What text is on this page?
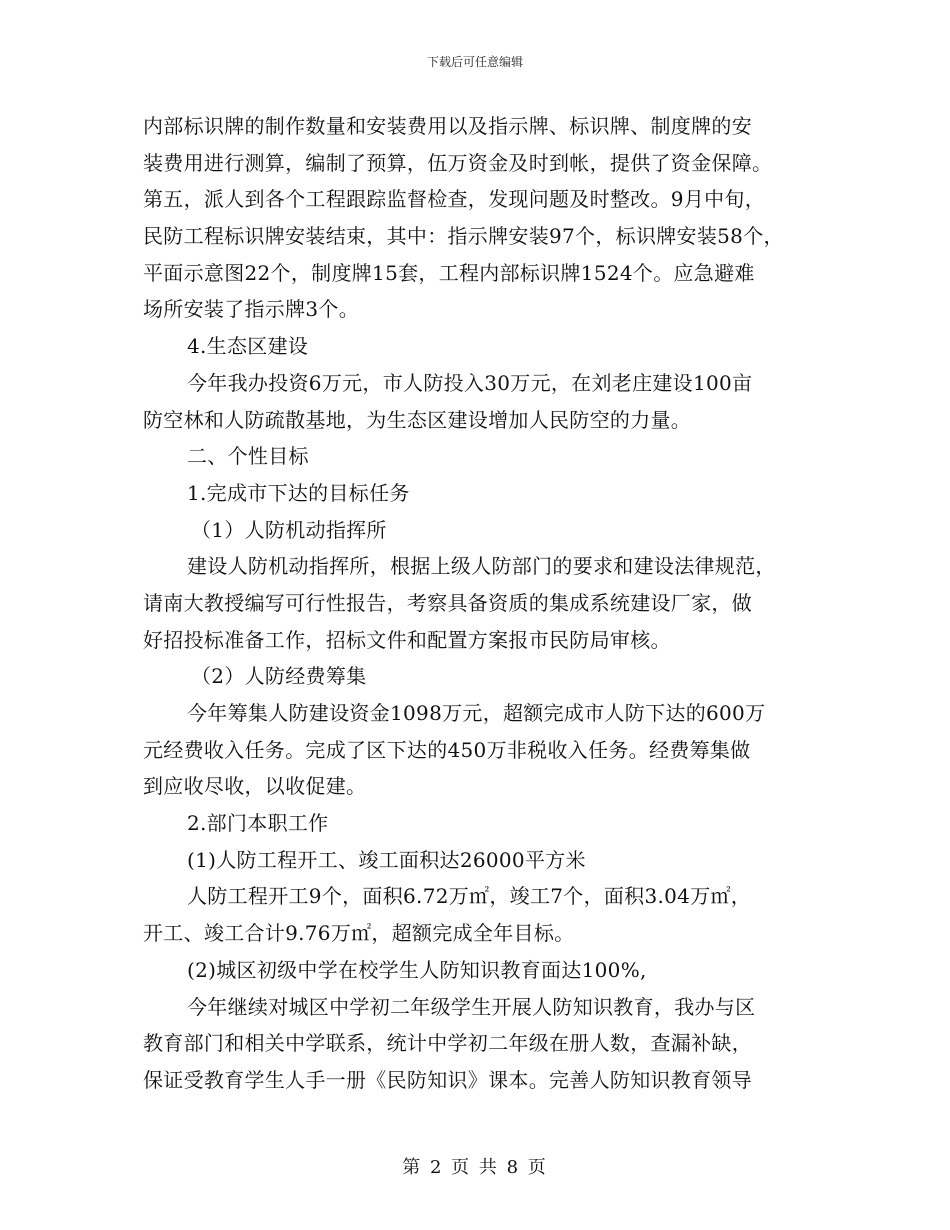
下载后可任意编辑
内部标识牌的制作数量和安装费用以及指示牌、标识牌、制度牌的安
装费用进行测算，编制了预算，伍万资金及时到帐，提供了资金保障。
第五，派人到各个工程跟踪监督检查，发现问题及时整改。9月中旬，
民防工程标识牌安装结束，其中：指示牌安装97个，标识牌安装58个，
平面示意图22个，制度牌15套，工程内部标识牌1524个。应急避难
场所安装了指示牌3个。
4.生态区建设
今年我办投资6万元，市人防投入30万元，在刘老庄建设100亩
防空林和人防疏散基地，为生态区建设增加人民防空的力量。
二、个性目标
1.完成市下达的目标任务
（1）人防机动指挥所
建设人防机动指挥所，根据上级人防部门的要求和建设法律规范，
请南大教授编写可行性报告，考察具备资质的集成系统建设厂家，做
好招投标准备工作，招标文件和配置方案报市民防局审核。
（2）人防经费筹集
今年筹集人防建设资金1098万元，超额完成市人防下达的600万
元经费收入任务。完成了区下达的450万非税收入任务。经费筹集做
到应收尽收，以收促建。
2.部门本职工作
(1)人防工程开工、竣工面积达26000平方米
人防工程开工9个，面积6.72万㎡，竣工7个，面积3.04万㎡，
开工、竣工合计9.76万㎡，超额完成全年目标。
(2)城区初级中学在校学生人防知识教育面达100%,
今年继续对城区中学初二年级学生开展人防知识教育，我办与区
教育部门和相关中学联系，统计中学初二年级在册人数，查漏补缺，
保证受教育学生人手一册《民防知识》课本。完善人防知识教育领导
第 2 页 共 8 页
